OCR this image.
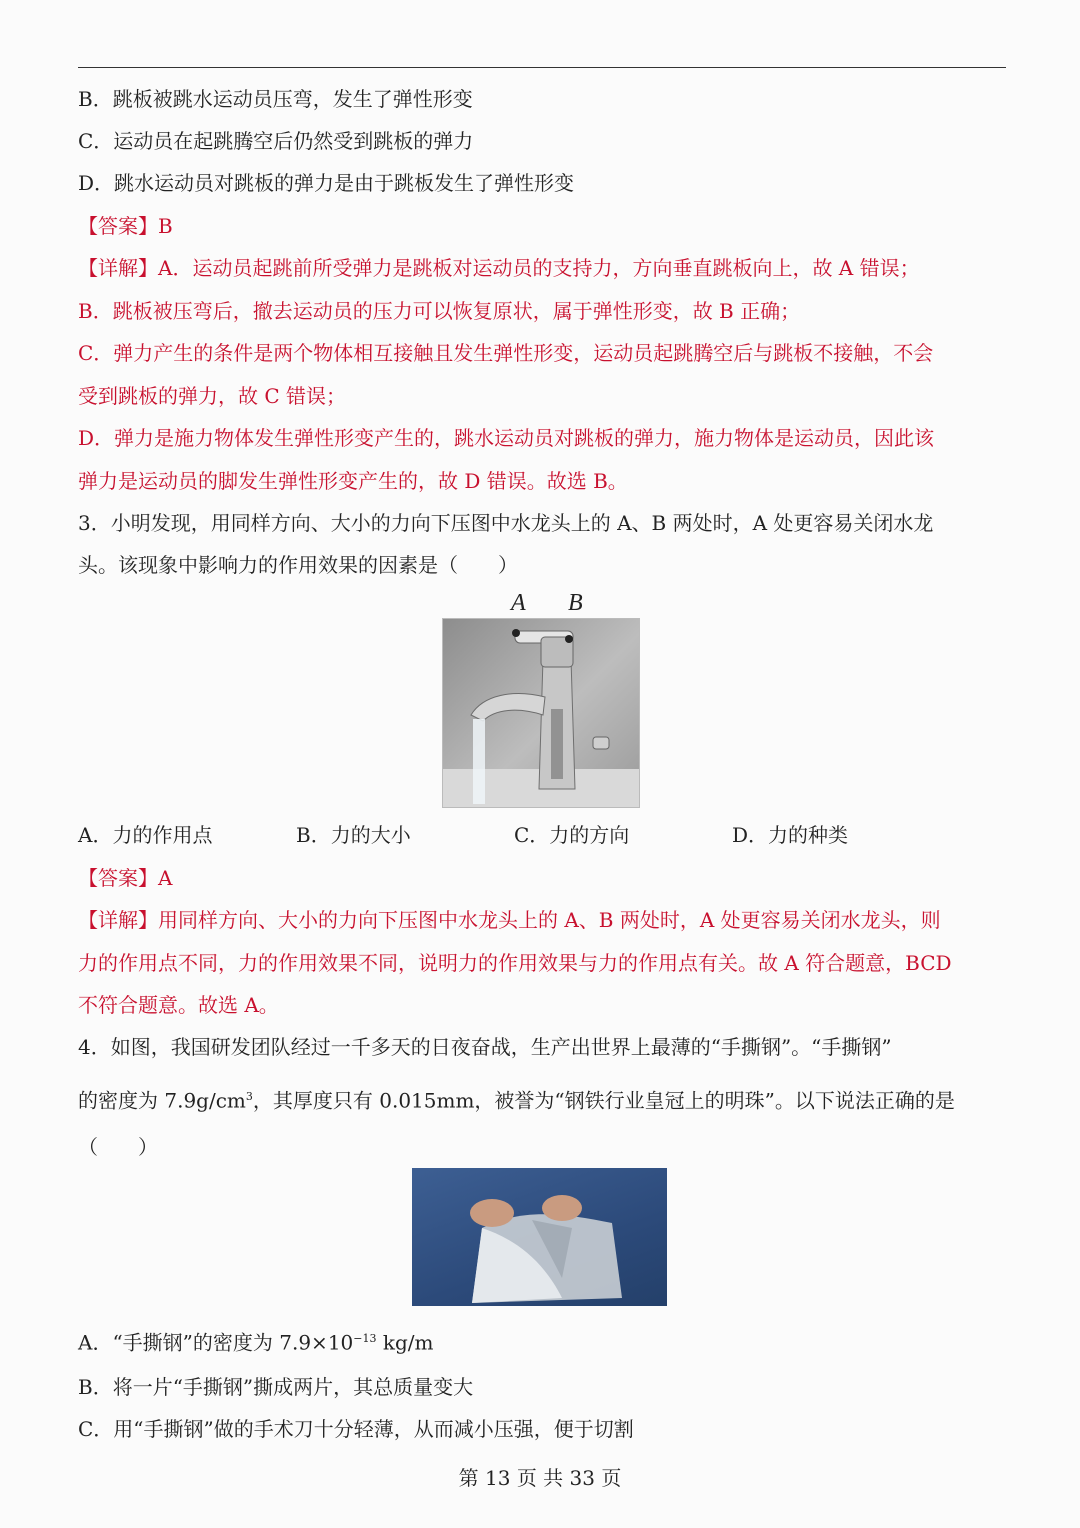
B．跳板被跳水运动员压弯，发生了弹性形变
C．运动员在起跳腾空后仍然受到跳板的弹力
D．跳水运动员对跳板的弹力是由于跳板发生了弹性形变
【答案】B
【详解】A．运动员起跳前所受弹力是跳板对运动员的支持力，方向垂直跳板向上，故 A 错误；
B．跳板被压弯后，撤去运动员的压力可以恢复原状，属于弹性形变，故 B 正确；
C．弹力产生的条件是两个物体相互接触且发生弹性形变，运动员起跳腾空后与跳板不接触，不会
受到跳板的弹力，故 C 错误；
D．弹力是施力物体发生弹性形变产生的，跳水运动员对跳板的弹力，施力物体是运动员，因此该
弹力是运动员的脚发生弹性形变产生的，故 D 错误。故选 B。
3．小明发现，用同样方向、大小的力向下压图中水龙头上的 A、B 两处时，A 处更容易关闭水龙
头。该现象中影响力的作用效果的因素是（　　）
A B
A．力的作用点	B．力的大小	C．力的方向	D．力的种类
【答案】A
【详解】用同样方向、大小的力向下压图中水龙头上的 A、B 两处时，A 处更容易关闭水龙头，则
力的作用点不同，力的作用效果不同，说明力的作用效果与力的作用点有关。故 A 符合题意，BCD
不符合题意。故选 A。
4．如图，我国研发团队经过一千多天的日夜奋战，生产出世界上最薄的“手撕钢”。“手撕钢”
的密度为 $7.9g/cm^3$，其厚度只有 0.015mm，被誉为“钢铁行业皇冠上的明珠”。以下说法正确的是
（　　）
A．“手撕钢”的密度为 $7.9\times 10^{-13}$ kg/m
B．将一片“手撕钢”撕成两片，其总质量变大
C．用“手撕钢”做的手术刀十分轻薄，从而减小压强，便于切割
第 13 页 共 33 页
